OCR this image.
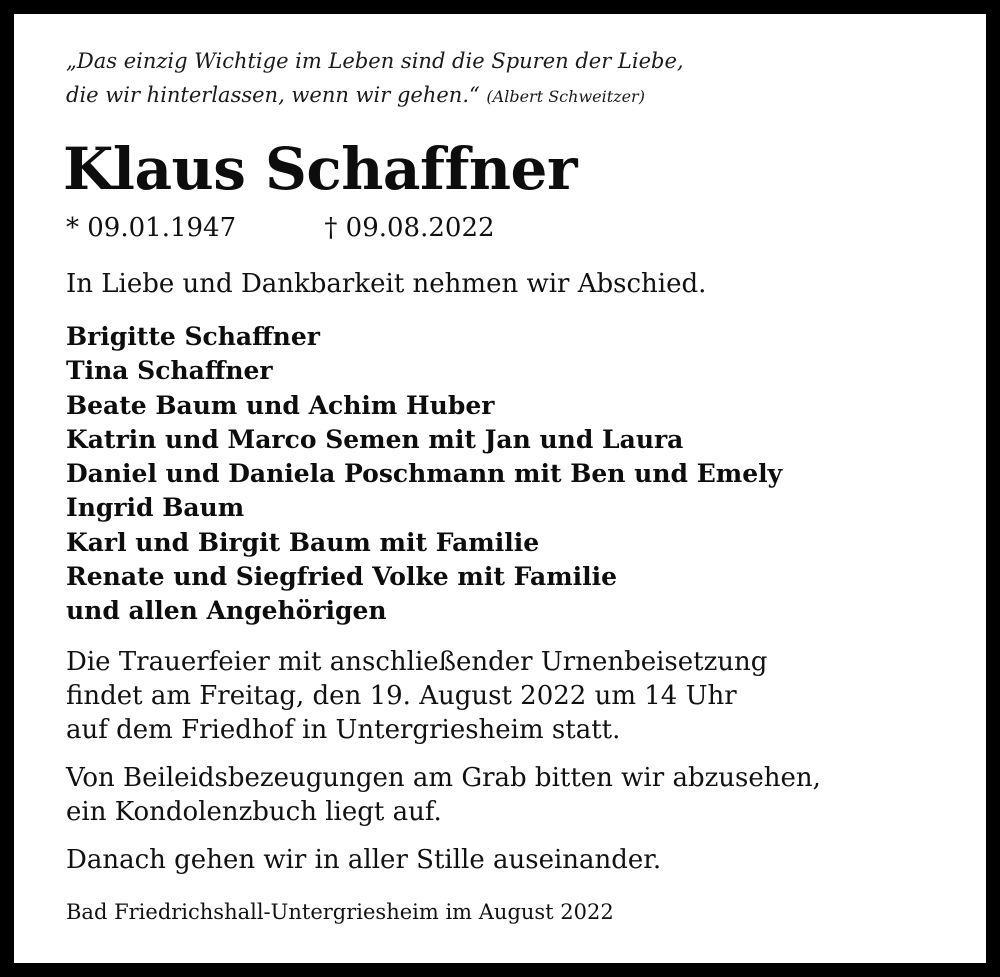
„Das einzig Wichtige im Leben sind die Spuren der Liebe,
die wir hinterlassen, wenn wir gehen.“ (Albert Schweitzer)

Klaus Schaffner
* 09.01.1947	† 09.08.2022
In Liebe und Dankbarkeit nehmen wir Abschied.
Brigitte Schaffner
Tina Schaffner
Beate Baum und Achim Huber
Katrin und Marco Semen mit Jan und Laura
Daniel und Daniela Poschmann mit Ben und Emely
Ingrid Baum
Karl und Birgit Baum mit Familie
Renate und Siegfried Volke mit Familie
und allen Angehörigen
Die Trauerfeier mit anschließender Urnenbeisetzung
findet am Freitag, den 19. August 2022 um 14 Uhr
auf dem Friedhof in Untergriesheim statt.
Von Beileidsbezeugungen am Grab bitten wir abzusehen,
ein Kondolenzbuch liegt auf.
Danach gehen wir in aller Stille auseinander.
Bad Friedrichshall-Untergriesheim im August 2022
